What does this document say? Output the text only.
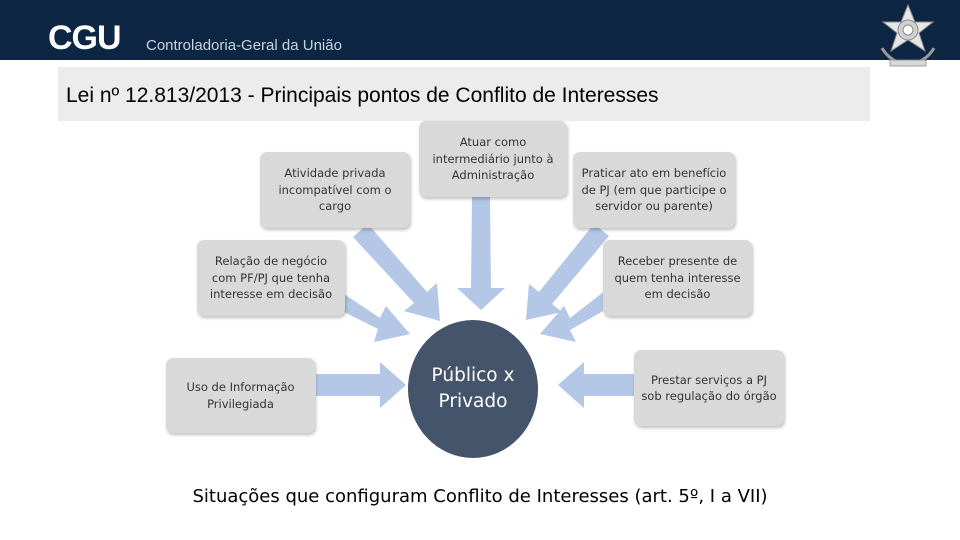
CGU Controladoria-Geral da União
Lei nº 12.813/2013 - Principais pontos de Conflito de Interesses
Atividade privada incompatível com o cargo
Atuar como intermediário junto à Administração	Praticar ato em benefício de PJ (em que participe o servidor ou parente)
Relação de negócio com PF/PJ que tenha interesse em decisão
Receber presente de quem tenha interesse em decisão
Uso de Informação Privilegiada
Prestar serviços a PJ sob regulação do órgão
Público x
Privado
Situações que configuram Conflito de Interesses (art. 5º, I a VII)
